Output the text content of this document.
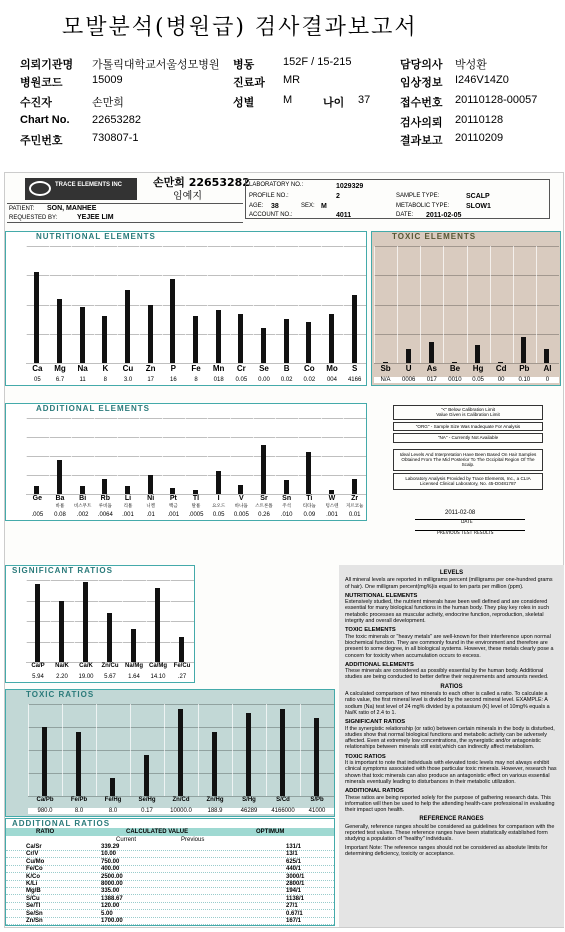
모발분석(병원급) 검사결과보고서
의뢰기관명 가톨릭대학교서울성모병원 병동	152F / 15-215	담당의사 박성환
병원코드	15009	진료과 MR	임상정보 I246V14Z0
수진자	손만희	성별	M	나이 37	접수번호 20110128-00057
Chart No. 22653282	검사의뢰 20110128
주민번호	730807-1	결과보고 20110209
TRACE ELEMENTS INC	손만희 22653282
임예지
LABORATORY NO.:	1029329
PROFILE NO.:	2	SAMPLE TYPE:	SCALP
AGE: 38	SEX: M	METABOLIC TYPE: SLOW1
ACCOUNT NO.:	4011	DATE: 2011-02-05
PATIENT: SON, MANHEE
REQUESTED BY:	YEJEE LIM
NUTRITIONAL ELEMENTS
Ca
05
Mg
6.7
Na
11
K
8
Cu
3.0
Zn
17
P
16
Fe
8
Mn
018
Cr
0.05
Se
0.00
B
0.02
Co
0.02
Mo
004
S
4166
TOXIC ELEMENTS
Sb
N/A
U
0006
As
017
Be
0010
Hg
0.05
Cd
00
Pb
0.10
Al
0
ADDITIONAL ELEMENTS
Ge
.005
Ba
바륨
0.08
Bi
비스무트
.002
Rb
루비듐
.0064
Li
리튬
.001
Ni
니켈
.01
Pt
백금
.001
Tl
탈륨
.0005
I
요오드
0.05
V
바나듐
0.005
Sr
스트론튬
0.26
Sn
주석
.010
Ti
티타늄
0.09
W
텅스텐
.001
Zr
지르코늄
0.01
"<" Below Calibration Limit
Value Given is Calibration Limit
"ORG" - Sample Size Was Inadequate For Analysis
"NA" - Currently Not Available
Ideal Levels And Interpretation Have Been Based On Hair Samples Obtained From The Mid Posterior To The Occipital Region Of The Scalp.
Laboratory Analysis Provided by Trace Elements, Inc., a CLIA Licensed Clinical Laboratory, No. 45-D0481787
2011-02-08
DATE
PREVIOUS TEST RESULTS
SIGNIFICANT RATIOS
Ca/P
5.94
Na/K
2.20
Ca/K
19.00
Zn/Cu
5.67
Na/Mg
1.64
Ca/Mg
14.10
Fe/Cu
.27
TOXIC RATIOS
Ca/Pb
980.0
Fe/Pb
8.0
Fe/Hg
8.0
Se/Hg
0.17
Zn/Cd
10000.0
Zn/Hg
188.9
S/Hg
46289
S/Cd
4166000
S/Pb
41000
ADDITIONAL RATIOS
RATIO	CALCULATED VALUE	OPTIMUM
Current	Previous
Ca/Sr	339.29	131/1
Cr/V	10.00	13/1
Cu/Mo	750.00	625/1
Fe/Co	400.00	440/1
K/Co	2500.00	3000/1
K/Li	8000.00	2800/1
Mg/B	335.00	194/1
S/Cu	1388.67	1138/1
Se/Tl	120.00	27/1
Se/Sn	5.00	0.67/1
Zn/Sn	1700.00	167/1
LEVELS

All mineral levels are reported in milligrams percent (milligrams per one-hundred grams of hair). One milligram percent(mg%)is equal to ten parts per million (ppm).

NUTRITIONAL ELEMENTS

Extensively studied, the nutrient minerals have been well defined and are considered essential for many biological functions in the human body. They play key roles in such metabolic processes as muscular activity, endocrine function, reproduction, skeletal integrity and overall development.

TOXIC ELEMENTS

The toxic minerals or "heavy metals" are well-known for their interference upon normal biochemical function. They are commonly found in the environment and therefore are present to some degree, in all biological systems. However, these metals clearly pose a concern for toxicity when accumulation occurs to excess.

ADDITIONAL ELEMENTS

These minerals are considered as possibly essential by the human body. Additional studies are being conducted to better define their requirements and amounts needed.

RATIOS

A calculated comparison of two minerals to each other is called a ratio. To calculate a ratio value, the first mineral level is divided by the second mineral level. EXAMPLE: A sodium (Na) test level of 24 mg% divided by a potassium (K) level of 10mg% equals a Na/K ratio of 2.4 to 1.

SIGNIFICANT RATIOS

If the synergistic relationship (or ratio) between certain minerals in the body is disturbed, studies show that normal biological functions and metabolic activity can be adversely affected. Even at extremely low concentrations, the synergistic and/or antagonistic relationships between minerals still exist,which can indirectly affect metabolism.

TOXIC RATIOS

It is important to note that individuals with elevated toxic levels may not always exhibit clinical symptoms associated with those particular toxic minerals. However, research has shown that toxic minerals can also produce an antagonistic effect on various essential minerals eventually leading to disturbances in their metabolic utilization.

ADDITIONAL RATIOS

These ratios are being reported solely for the purpose of gathering research data. This information will then be used to help the attending health-care professional in evaluating their impact upon health.

REFERENCE RANGES

Generally, reference ranges should be considered as guidelines for comparison with the reported test values. These reference ranges have been statistically established form studying a population of "healthy" individuals.

Important Note: The reference ranges should not be considered as absolute limits for determining deficiency, toxicity or acceptance.
